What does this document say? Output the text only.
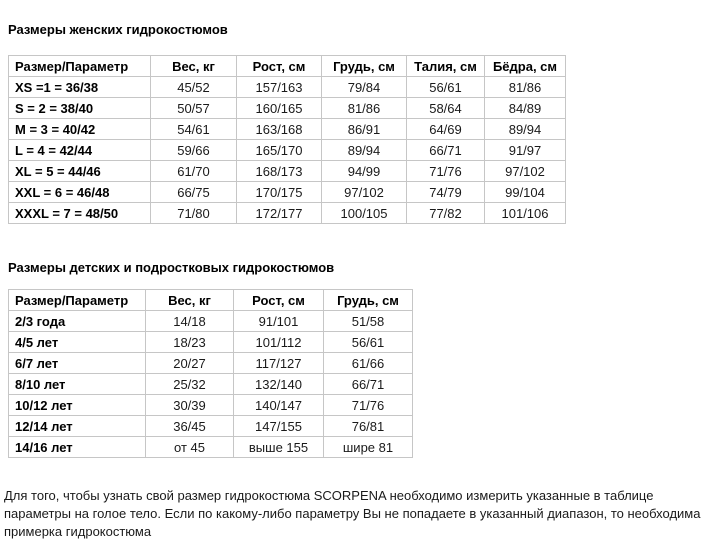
Размеры женских гидрокостюмов
Размер/Параметр	Вес, кг	Рост, см	Грудь, см	Талия, см	Бёдра, см
XS =1 = 36/38	45/52	157/163	79/84	56/61	81/86
S = 2 = 38/40	50/57	160/165	81/86	58/64	84/89
M = 3 = 40/42	54/61	163/168	86/91	64/69	89/94
L = 4 = 42/44	59/66	165/170	89/94	66/71	91/97
XL = 5 = 44/46	61/70	168/173	94/99	71/76	97/102
XXL = 6 = 46/48	66/75	170/175	97/102	74/79	99/104
XXXL = 7 = 48/50	71/80	172/177	100/105	77/82	101/106
Размеры детских и подростковых гидрокостюмов
Размер/Параметр	Вес, кг	Рост, см	Грудь, см
2/3 года	14/18	91/101	51/58
4/5 лет	18/23	101/112	56/61
6/7 лет	20/27	117/127	61/66
8/10 лет	25/32	132/140	66/71
10/12 лет	30/39	140/147	71/76
12/14 лет	36/45	147/155	76/81
14/16 лет	от 45	выше 155	шире 81
Для того, чтобы узнать свой размер гидрокостюма SCORPENA необходимо измерить указанные в таблице параметры на голое тело. Если по какому-либо параметру Вы не попадаете в указанный диапазон, то необходима примерка гидрокостюма
